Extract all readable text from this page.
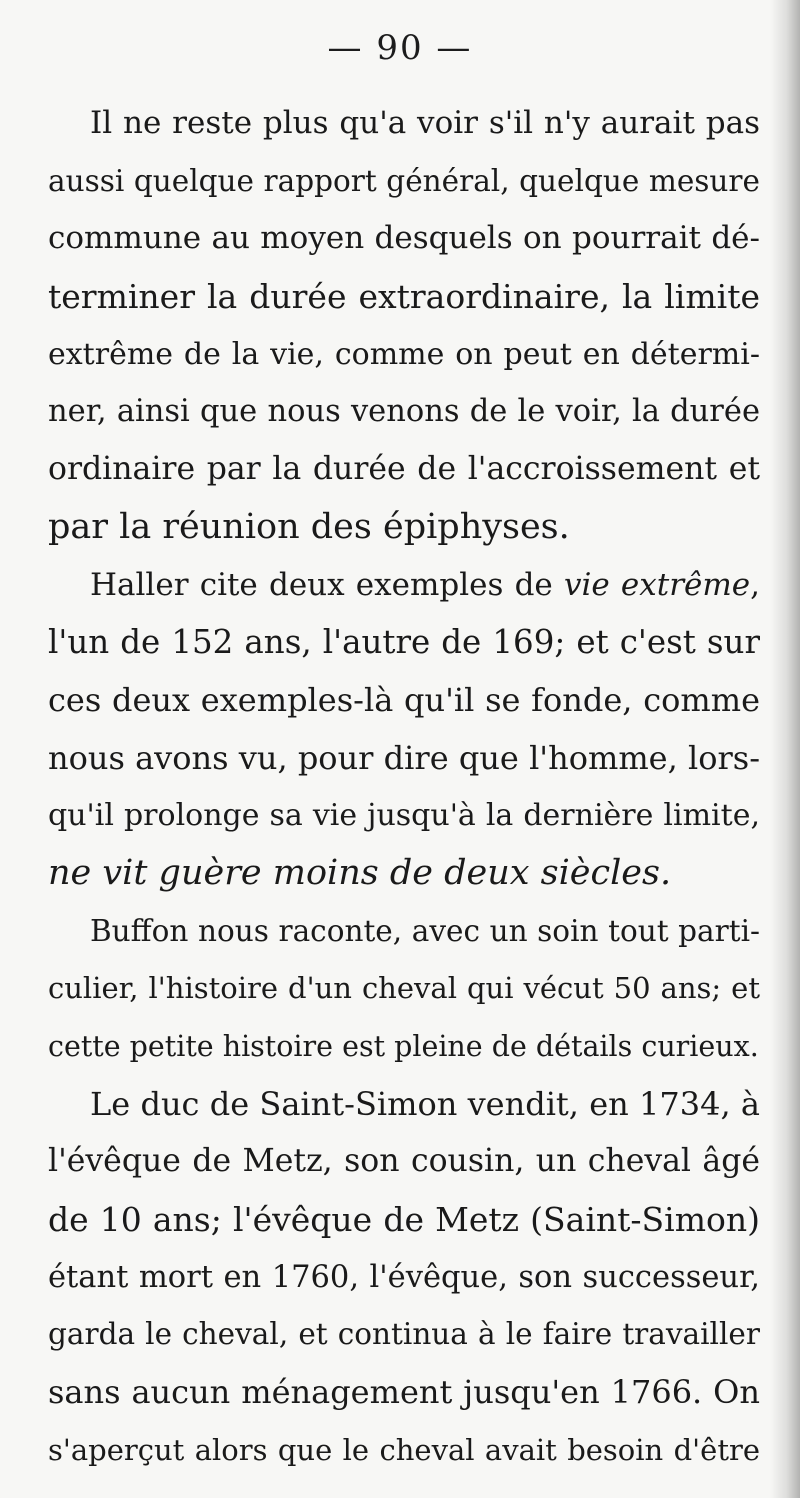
— 90 —
Il ne reste plus qu'a voir s'il n'y aurait pas
aussi quelque rapport général, quelque mesure
commune au moyen desquels on pourrait dé-
terminer la durée extraordinaire, la limite
extrême de la vie, comme on peut en détermi-
ner, ainsi que nous venons de le voir, la durée
ordinaire par la durée de l'accroissement et
par la réunion des épiphyses.
Haller cite deux exemples de vie extrême,
l'un de 152 ans, l'autre de 169; et c'est sur
ces deux exemples-là qu'il se fonde, comme
nous avons vu, pour dire que l'homme, lors-
qu'il prolonge sa vie jusqu'à la dernière limite,
ne vit guère moins de deux siècles.
Buffon nous raconte, avec un soin tout parti-
culier, l'histoire d'un cheval qui vécut 50 ans; et
cette petite histoire est pleine de détails curieux.
Le duc de Saint-Simon vendit, en 1734, à
l'évêque de Metz, son cousin, un cheval âgé
de 10 ans; l'évêque de Metz (Saint-Simon)
étant mort en 1760, l'évêque, son successeur,
garda le cheval, et continua à le faire travailler
sans aucun ménagement jusqu'en 1766. On
s'aperçut alors que le cheval avait besoin d'être
